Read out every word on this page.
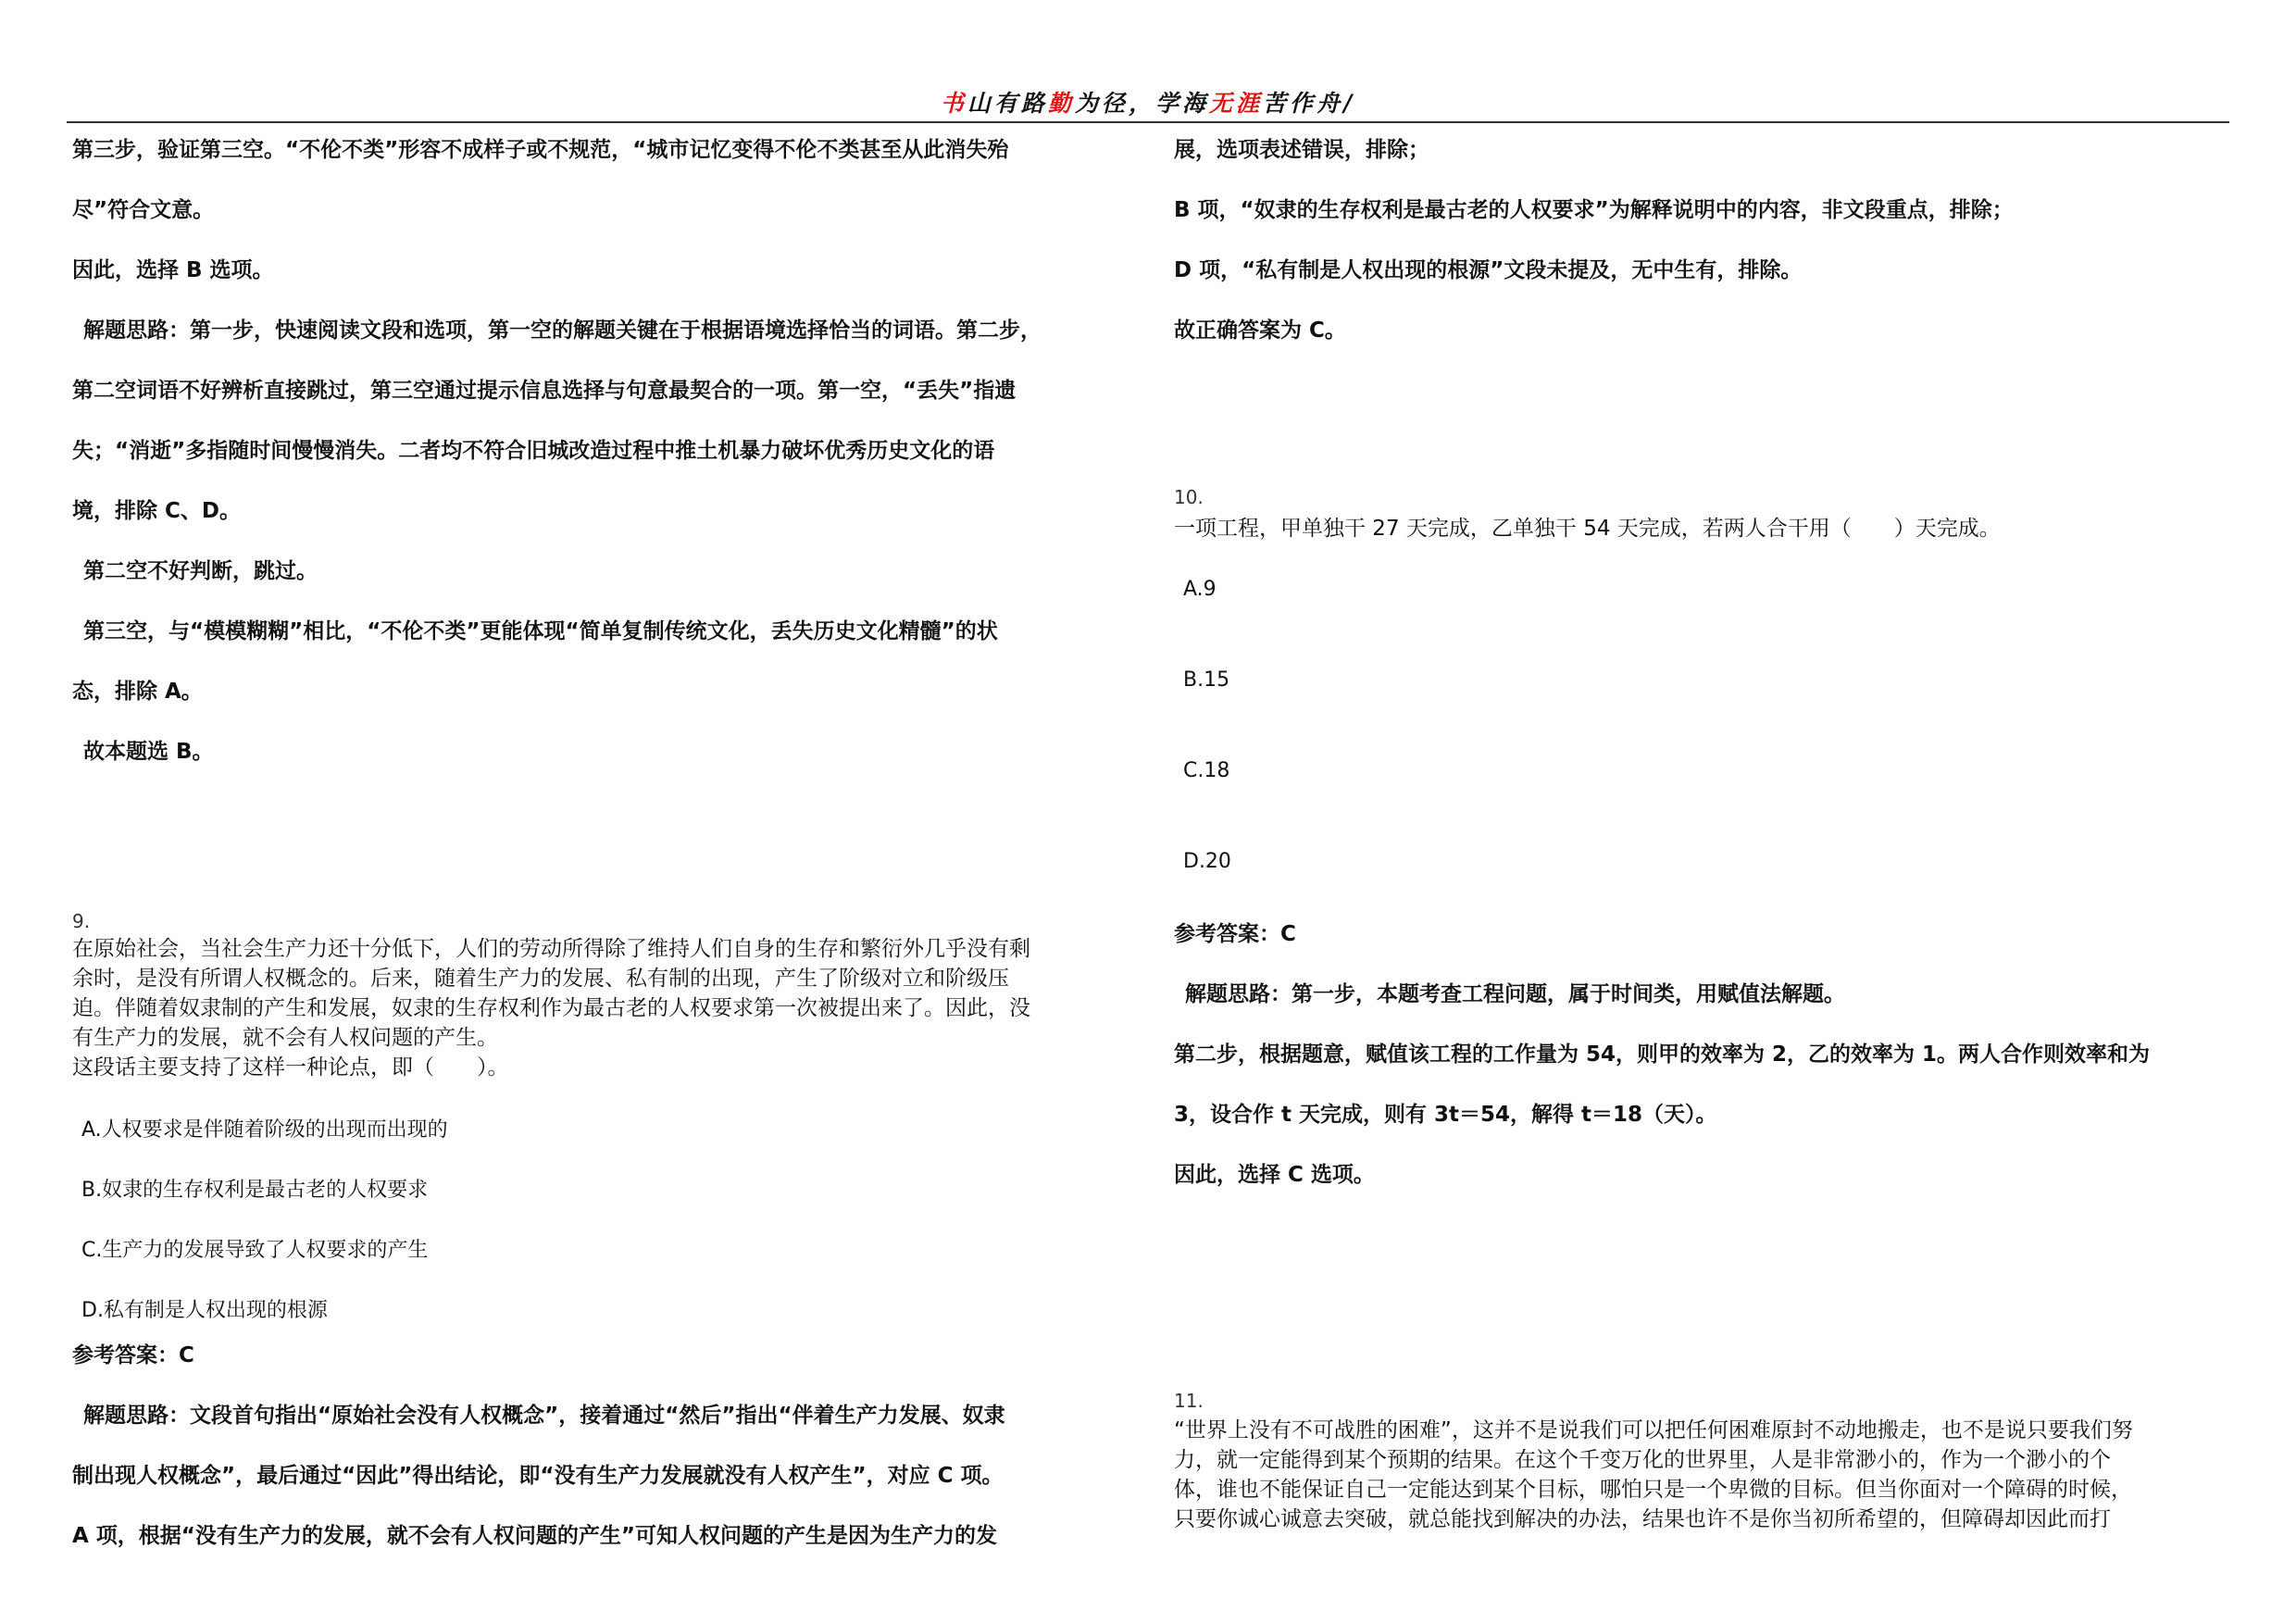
书山有路勤为径，学海无涯苦作舟/
第三步，验证第三空。“不伦不类”形容不成样子或不规范，“城市记忆变得不伦不类甚至从此消失殆
尽”符合文意。
因此，选择 B 选项。
解题思路：第一步，快速阅读文段和选项，第一空的解题关键在于根据语境选择恰当的词语。第二步，
第二空词语不好辨析直接跳过，第三空通过提示信息选择与句意最契合的一项。第一空，“丢失”指遗
失；“消逝”多指随时间慢慢消失。二者均不符合旧城改造过程中推土机暴力破坏优秀历史文化的语
境，排除 C、D。
第二空不好判断，跳过。
第三空，与“模模糊糊”相比，“不伦不类”更能体现“简单复制传统文化，丢失历史文化精髓”的状
态，排除 A。
故本题选 B。
9.
在原始社会，当社会生产力还十分低下，人们的劳动所得除了维持人们自身的生存和繁衍外几乎没有剩
余时，是没有所谓人权概念的。后来，随着生产力的发展、私有制的出现，产生了阶级对立和阶级压
迫。伴随着奴隶制的产生和发展，奴隶的生存权利作为最古老的人权要求第一次被提出来了。因此，没
有生产力的发展，就不会有人权问题的产生。
这段话主要支持了这样一种论点，即（　　）。
A.人权要求是伴随着阶级的出现而出现的
B.奴隶的生存权利是最古老的人权要求
C.生产力的发展导致了人权要求的产生
D.私有制是人权出现的根源
参考答案：C
解题思路：文段首句指出“原始社会没有人权概念”，接着通过“然后”指出“伴着生产力发展、奴隶
制出现人权概念”，最后通过“因此”得出结论，即“没有生产力发展就没有人权产生”，对应 C 项。
A 项，根据“没有生产力的发展，就不会有人权问题的产生”可知人权问题的产生是因为生产力的发
展，选项表述错误，排除；
B 项，“奴隶的生存权利是最古老的人权要求”为解释说明中的内容，非文段重点，排除；
D 项，“私有制是人权出现的根源”文段未提及，无中生有，排除。
故正确答案为 C。
10.
一项工程，甲单独干 27 天完成，乙单独干 54 天完成，若两人合干用（　　）天完成。
A.9
B.15
C.18
D.20
参考答案：C
解题思路：第一步，本题考查工程问题，属于时间类，用赋值法解题。
第二步，根据题意，赋值该工程的工作量为 54，则甲的效率为 2，乙的效率为 1。两人合作则效率和为
3，设合作 t 天完成，则有 3t＝54，解得 t＝18（天）。
因此，选择 C 选项。
11.
“世界上没有不可战胜的困难”，这并不是说我们可以把任何困难原封不动地搬走，也不是说只要我们努
力，就一定能得到某个预期的结果。在这个千变万化的世界里，人是非常渺小的，作为一个渺小的个
体，谁也不能保证自己一定能达到某个目标，哪怕只是一个卑微的目标。但当你面对一个障碍的时候，
只要你诚心诚意去突破，就总能找到解决的办法，结果也许不是你当初所希望的，但障碍却因此而打
